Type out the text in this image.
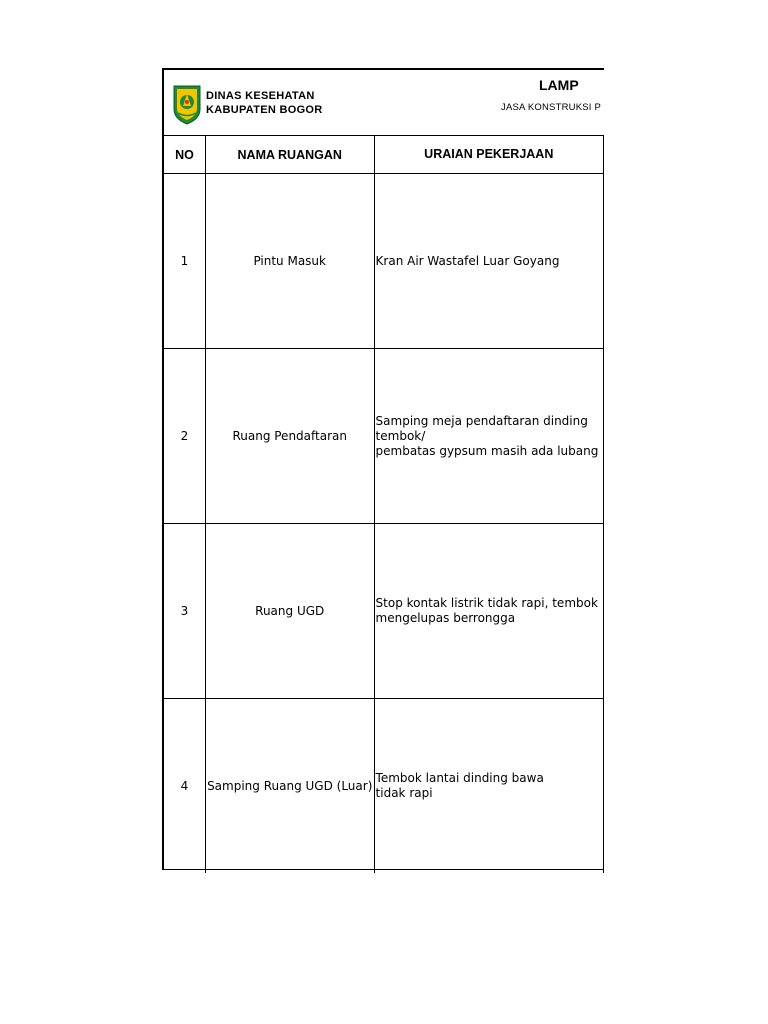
DINAS KESEHATAN
KABUPATEN BOGOR
LAMP
JASA KONSTRUKSI P
NO	NAMA RUANGAN	URAIAN PEKERJAAN
1	Pintu Masuk	Kran Air Wastafel Luar Goyang
2	Ruang Pendaftaran	Samping meja pendaftaran dinding tembok/
pembatas gypsum masih ada lubang
3	Ruang UGD	Stop kontak listrik tidak rapi, tembok mengelupas berrongga
4	Samping Ruang UGD (Luar)	Tembok lantai dinding bawa
tidak rapi
